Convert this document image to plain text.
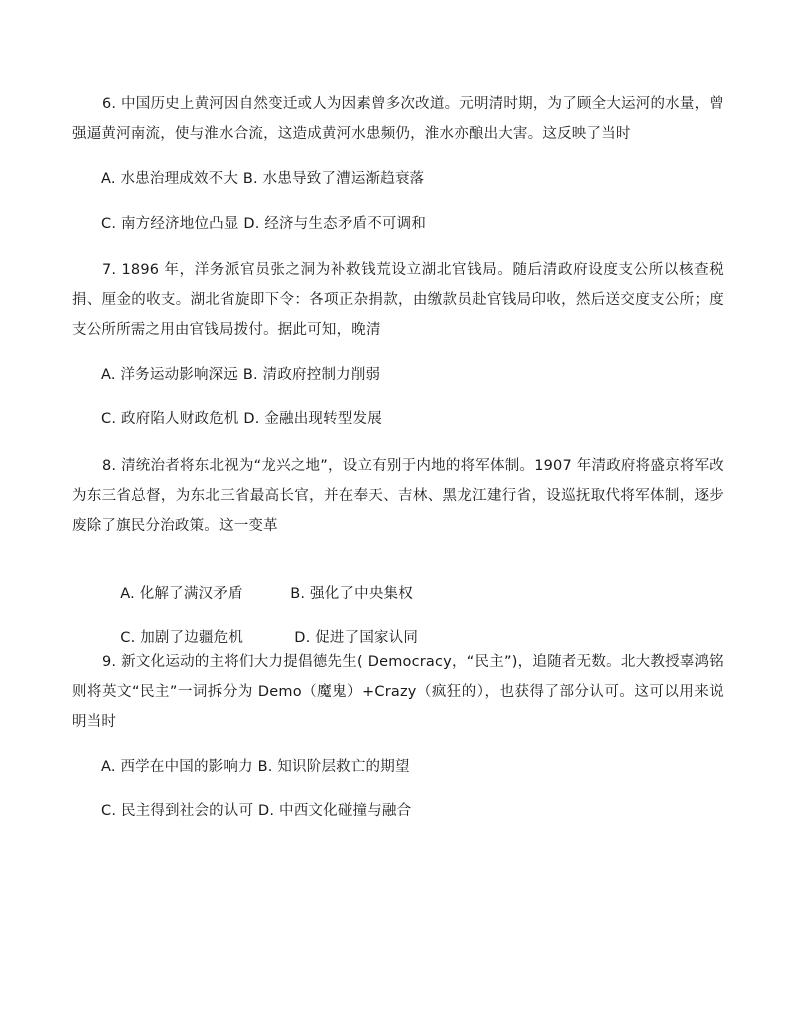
6. 中国历史上黄河因自然变迁或人为因素曾多次改道。元明清时期，为了顾全大运河的水量，曾强逼黄河南流，使与淮水合流，这造成黄河水患频仍，淮水亦酿出大害。这反映了当时

A. 水患治理成效不大 B. 水患导致了漕运渐趋衰落
C. 南方经济地位凸显 D. 经济与生态矛盾不可调和

7. 1896 年，洋务派官员张之洞为补救钱荒设立湖北官钱局。随后清政府设度支公所以核查税捐、厘金的收支。湖北省旋即下令：各项正杂捐款，由缴款员赴官钱局印收，然后送交度支公所；度支公所所需之用由官钱局拨付。据此可知，晚清

A. 洋务运动影响深远 B. 清政府控制力削弱
C. 政府陷人财政危机 D. 金融出现转型发展

8. 清统治者将东北视为“龙兴之地”，设立有别于内地的将军体制。1907 年清政府将盛京将军改为东三省总督，为东北三省最高长官，并在奉天、吉林、黑龙江建行省，设巡抚取代将军体制，逐步废除了旗民分治政策。这一变革

A. 化解了满汉矛盾	B. 强化了中央集权

C. 加剧了边疆危机	D. 促进了国家认同

9. 新文化运动的主将们大力提倡德先生( Democracy，“民主”)，追随者无数。北大教授辜鸿铭则将英文“民主”一词拆分为 Demo（魔鬼）+Crazy（疯狂的），也获得了部分认可。这可以用来说明当时

A. 西学在中国的影响力 B. 知识阶层救亡的期望
C. 民主得到社会的认可 D. 中西文化碰撞与融合
